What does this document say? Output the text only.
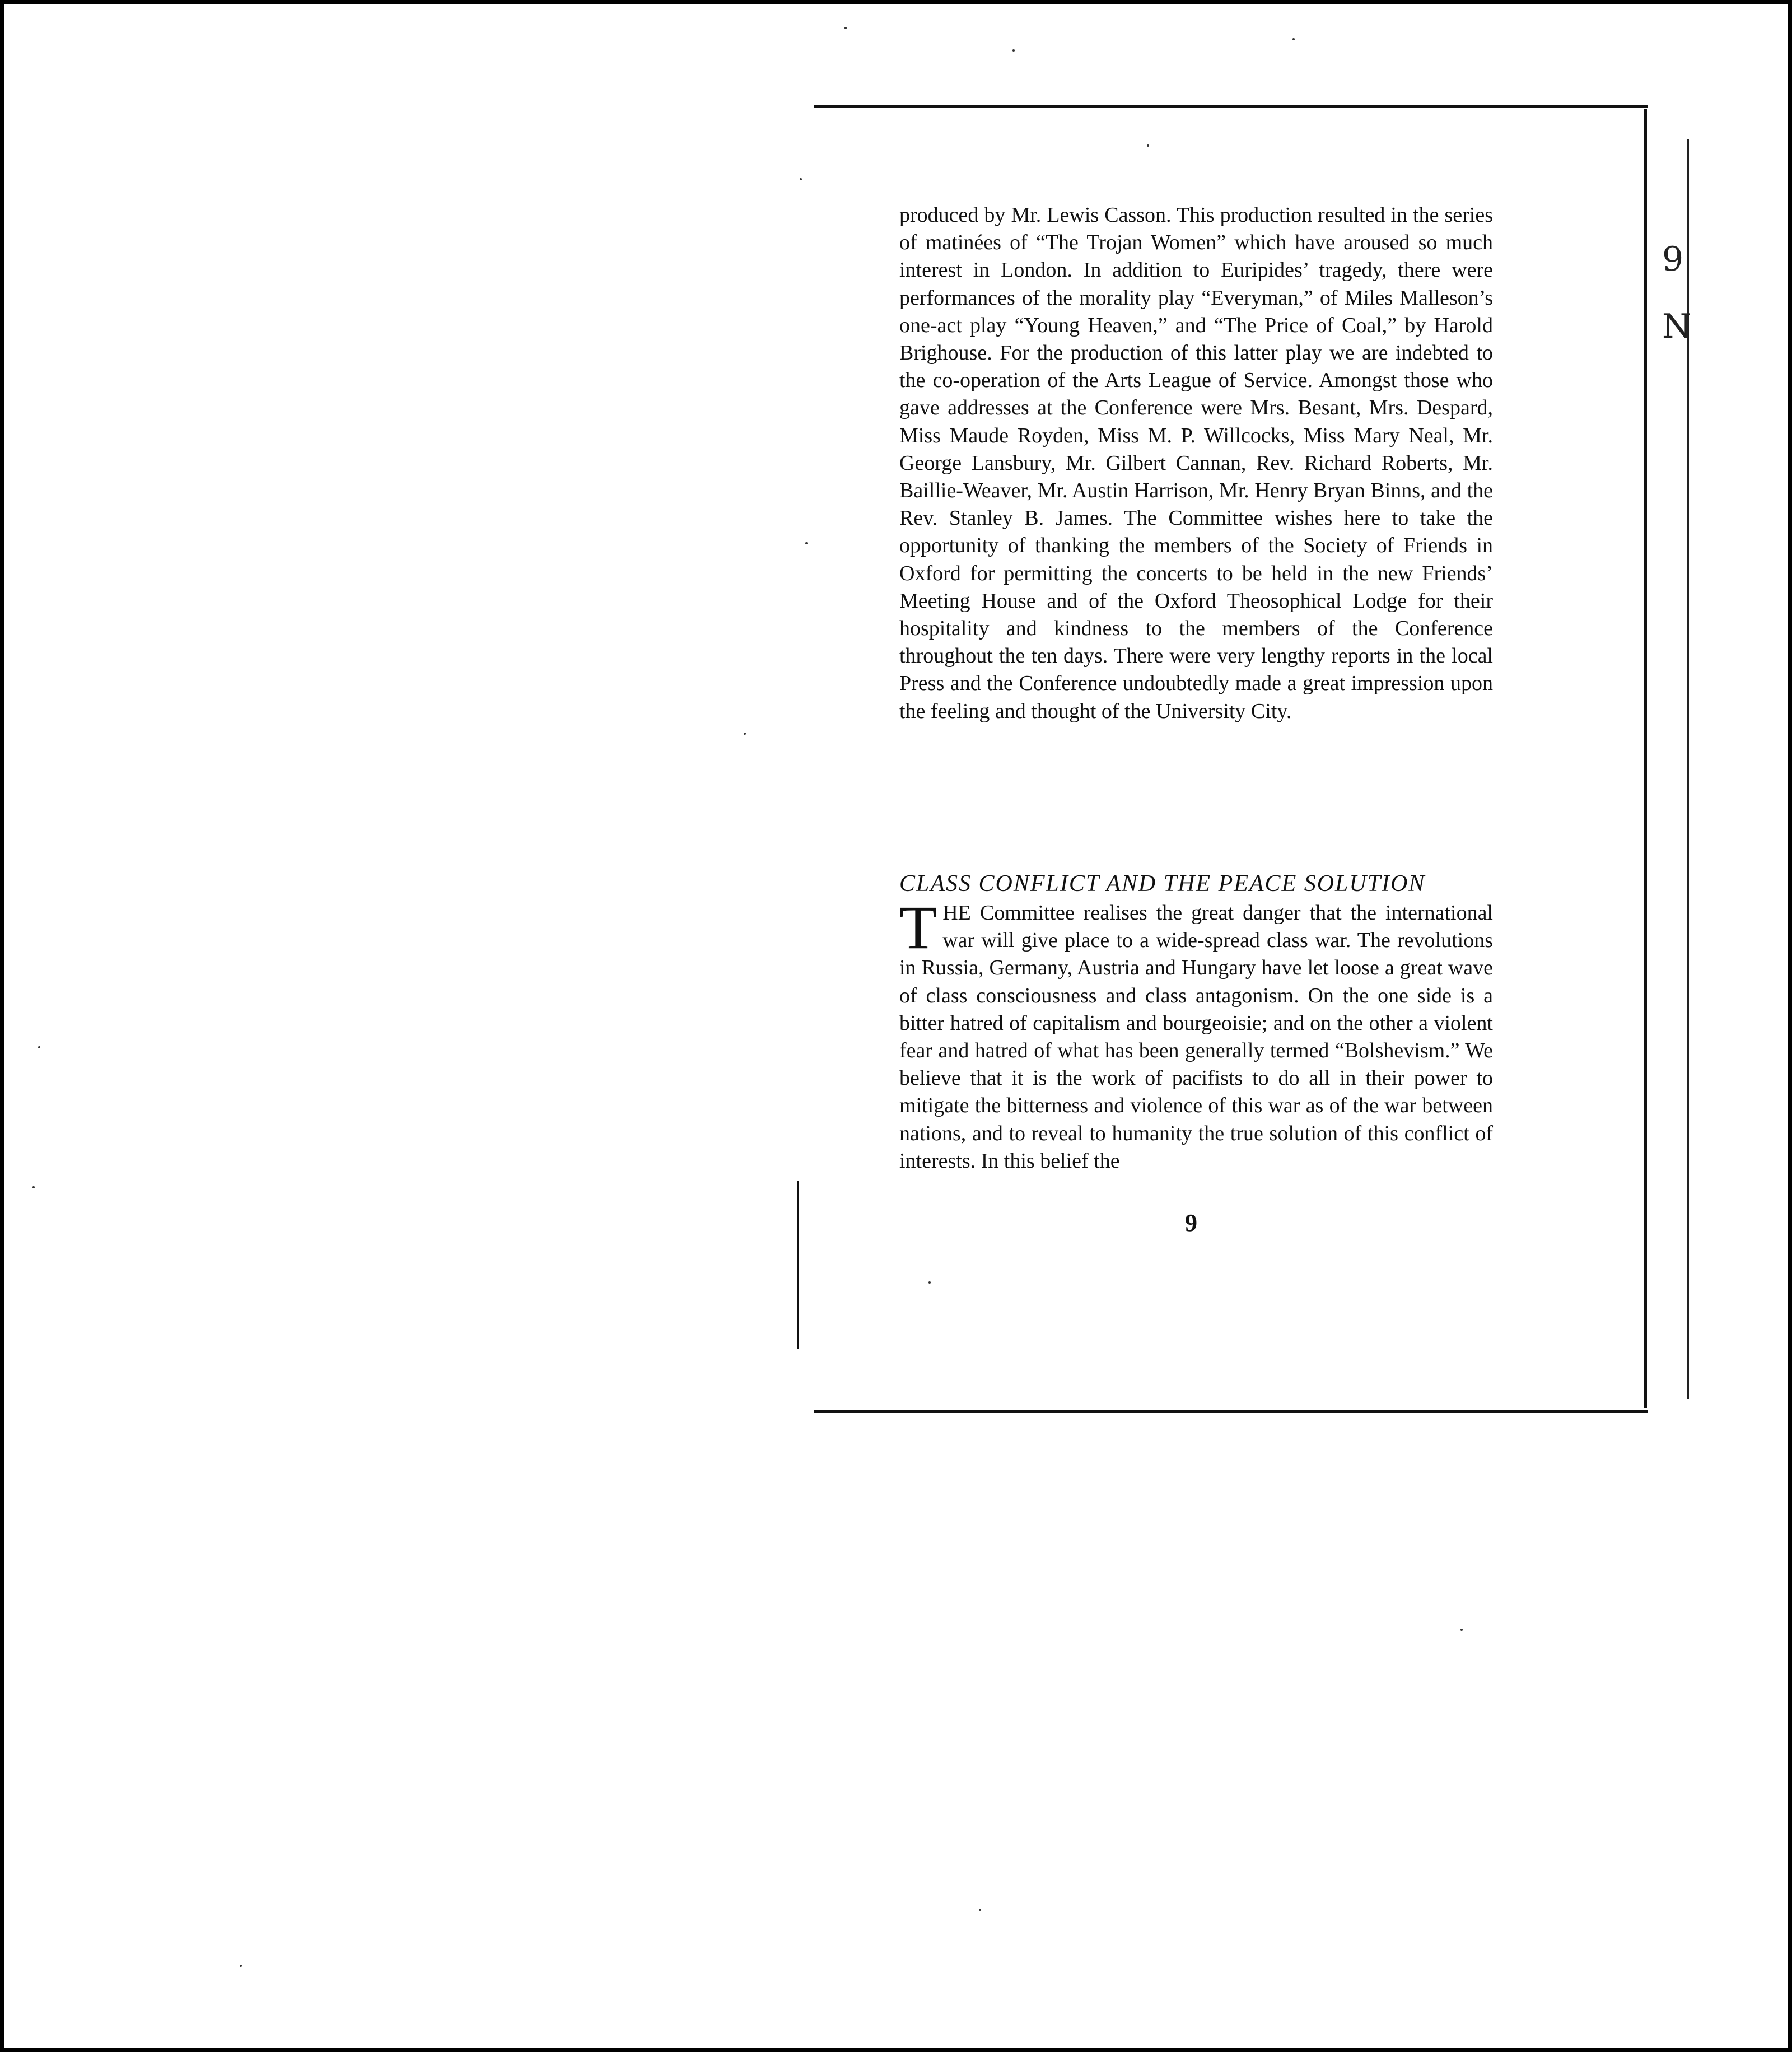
9
N

produced by Mr. Lewis Casson. This production resulted in the series of matinées of “The Trojan Women” which have aroused so much interest in London. In addition to Euripides’ tragedy, there were performances of the morality play “Everyman,” of Miles Malleson’s one-act play “Young Heaven,” and “The Price of Coal,” by Harold Brighouse. For the production of this latter play we are indebted to the co-operation of the Arts League of Service. Amongst those who gave addresses at the Conference were Mrs. Besant, Mrs. Despard, Miss Maude Royden, Miss M. P. Willcocks, Miss Mary Neal, Mr. George Lansbury, Mr. Gilbert Cannan, Rev. Richard Roberts, Mr. Baillie-Weaver, Mr. Austin Harrison, Mr. Henry Bryan Binns, and the Rev. Stanley B. James. The Committee wishes here to take the opportunity of thanking the members of the Society of Friends in Oxford for permitting the concerts to be held in the new Friends’ Meeting House and of the Oxford Theosophical Lodge for their hospitality and kindness to the members of the Conference throughout the ten days. There were very lengthy reports in the local Press and the Conference undoubtedly made a great impression upon the feeling and thought of the University City.

CLASS CONFLICT AND THE PEACE SOLUTION
THE Committee realises the great danger that the international war will give place to a wide-spread class war. The revolutions in Russia, Germany, Austria and Hungary have let loose a great wave of class consciousness and class antagonism. On the one side is a bitter hatred of capitalism and bourgeoisie; and on the other a violent fear and hatred of what has been generally termed “Bolshevism.” We believe that it is the work of pacifists to do all in their power to mitigate the bitterness and violence of this war as of the war between nations, and to reveal to humanity the true solution of this conflict of interests. In this belief the
9
